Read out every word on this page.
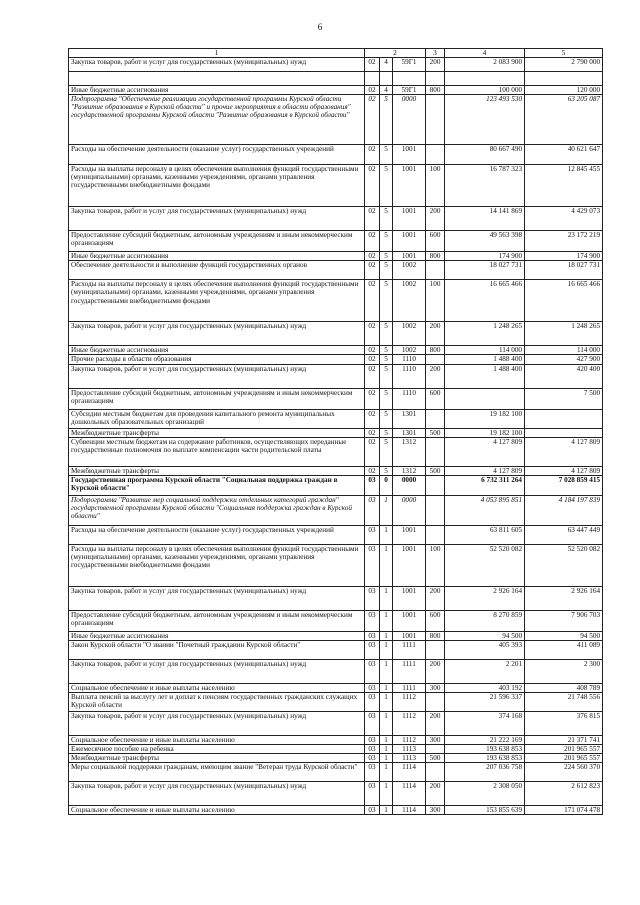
6
1	2			3	4	5
Закупка товаров, работ и услуг для государственных (муниципальных) нужд	02	4	59Г1	200	2 083 900	2 790 000

Иные бюджетные ассигнования	02	4	59Г1	800	100 000	120 000
Подпрограмма "Обеспечение реализации государственной программы Курской области "Развитие образования в Курской области" и прочие мероприятия в области образования" государственной программы Курской области "Развитие образования в Курской области"	02	5	0000		123 493 530	63 205 087
Расходы на обеспечение деятельности (оказание услуг) государственных учреждений	02	5	1001		80 667 490	40 621 647
Расходы на выплаты персоналу в целях обеспечения выполнения функций государственными (муниципальными) органами, казенными учреждениями, органами управления государственными внебюджетными фондами	02	5	1001	100	16 787 323	12 845 455
Закупка товаров, работ и услуг для государственных (муниципальных) нужд	02	5	1001	200	14 141 869	4 429 073
Предоставление субсидий бюджетным, автономным учреждениям и иным некоммерческим организациям	02	5	1001	600	49 563 398	23 172 219
Иные бюджетные ассигнования	02	5	1001	800	174 900	174 900
Обеспечение деятельности и выполнение функций государственных органов	02	5	1002		18 027 731	18 027 731
Расходы на выплаты персоналу в целях обеспечения выполнения функций государственными (муниципальными) органами, казенными учреждениями, органами управления государственными внебюджетными фондами	02	5	1002	100	16 665 466	16 665 466
Закупка товаров, работ и услуг для государственных (муниципальных) нужд	02	5	1002	200	1 248 265	1 248 265
Иные бюджетные ассигнования	02	5	1002	800	114 000	114 000
Прочие расходы в области образования	02	5	1110		1 488 400	427 900
Закупка товаров, работ и услуг для государственных (муниципальных) нужд	02	5	1110	200	1 488 400	420 400
Предоставление субсидий бюджетным, автономным учреждениям и иным некоммерческим организациям	02	5	1110	600		7 500
Субсидии местным бюджетам для проведения капитального ремонта муниципальных дошкольных образовательных организаций	02	5	1301		19 182 100	
Межбюджетные трансферты	02	5	1301	500	19 182 100	
Субвенции местным бюджетам на содержание работников, осуществляющих переданные государственные полномочия по выплате компенсации части родительской платы	02	5	1312		4 127 809	4 127 809
Межбюджетные трансферты	02	5	1312	500	4 127 809	4 127 809
Государственная программа Курской области "Социальная поддержка граждан в Курской области"	03	0	0000		6 732 311 264	7 028 859 415
Подпрограмма "Развитие мер социальной поддержки отдельных категорий граждан" государственной программы Курской области "Социальная поддержка граждан в Курской области"	03	1	0000		4 053 895 851	4 184 197 839
Расходы на обеспечение деятельности (оказание услуг) государственных учреждений	03	1	1001		63 811 605	63 447 449
Расходы на выплаты персоналу в целях обеспечения выполнения функций государственными (муниципальными) органами, казенными учреждениями, органами управления государственными внебюджетными фондами	03	1	1001	100	52 520 082	52 520 082
Закупка товаров, работ и услуг для государственных (муниципальных) нужд	03	1	1001	200	2 926 164	2 926 164
Предоставление субсидий бюджетным, автономным учреждениям и иным некоммерческим организациям	03	1	1001	600	8 270 859	7 906 703
Иные бюджетные ассигнования	03	1	1001	800	94 500	94 500
Закон Курской области "О звании "Почетный гражданин Курской области"	03	1	1111		405 393	411 089
Закупка товаров, работ и услуг для государственных (муниципальных) нужд	03	1	1111	200	2 201	2 300
Социальное обеспечение и иные выплаты населению	03	1	1111	300	403 192	408 789
Выплата пенсий за выслугу лет и доплат к пенсиям государственных гражданских служащих Курской области	03	1	1112		21 596 337	21 748 556
Закупка товаров, работ и услуг для государственных (муниципальных) нужд	03	1	1112	200	374 168	376 815
Социальное обеспечение и иные выплаты населению	03	1	1112	300	21 222 169	21 371 741
Ежемесячное пособие на ребенка	03	1	1113		193 638 853	201 965 557
Межбюджетные трансферты	03	1	1113	500	193 638 853	201 965 557
Меры социальной поддержки гражданам, имеющим звание "Ветеран труда Курской области"	03	1	1114		207 036 758	224 560 370
Закупка товаров, работ и услуг для государственных (муниципальных) нужд	03	1	1114	200	2 308 050	2 612 823
Социальное обеспечение и иные выплаты населению	03	1	1114	300	153 855 639	171 074 478
